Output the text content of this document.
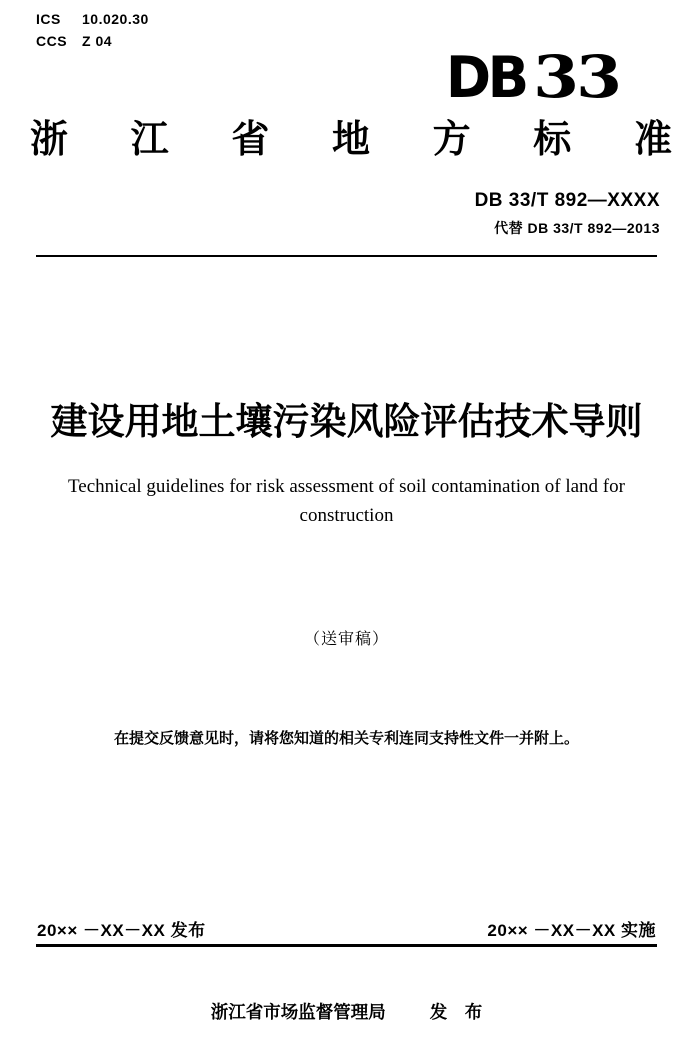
ICS 10.020.30
CCS Z 04
DB 33
浙 江 省 地 方 标 准
DB 33/T 892—XXXX
代替 DB 33/T 892—2013
建设用地土壤污染风险评估技术导则
Technical guidelines for risk assessment of soil contamination of land for
construction
（送审稿）
在提交反馈意见时，请将您知道的相关专利连同支持性文件一并附上。
20×× －XX－XX 发布	20×× －XX－XX 实施
浙江省市场监督管理局	发　布
